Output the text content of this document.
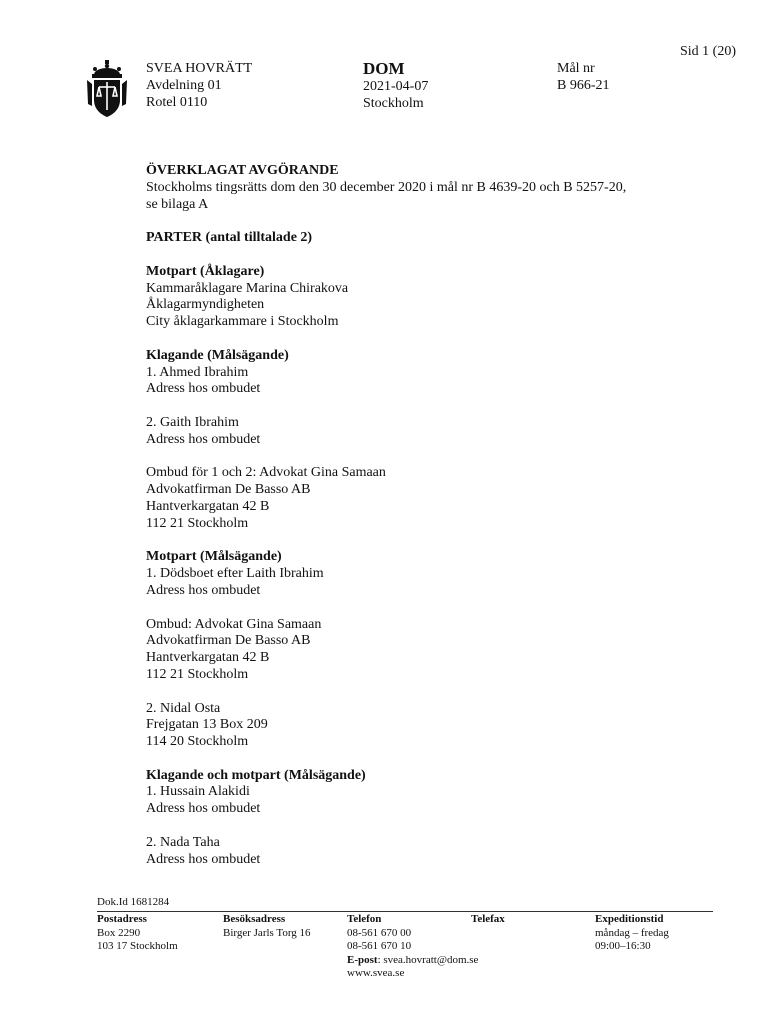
Sid 1 (20)
SVEA HOVRÄTT
Avdelning 01
Rotel 0110
DOM
2021-04-07
Stockholm
Mål nr
B 966-21

ÖVERKLAGAT AVGÖRANDE

Stockholms tingsrätts dom den 30 december 2020 i mål nr B 4639-20 och B 5257-20,

se bilaga A

PARTER (antal tilltalade 2)

Motpart (Åklagare)

Kammaråklagare Marina Chirakova

Åklagarmyndigheten

City åklagarkammare i Stockholm

Klagande (Målsägande)

1. Ahmed Ibrahim

Adress hos ombudet

2. Gaith Ibrahim

Adress hos ombudet

Ombud för 1 och 2: Advokat Gina Samaan

Advokatfirman De Basso AB

Hantverkargatan 42 B

112 21 Stockholm

Motpart (Målsägande)

1. Dödsboet efter Laith Ibrahim

Adress hos ombudet

Ombud: Advokat Gina Samaan

Advokatfirman De Basso AB

Hantverkargatan 42 B

112 21 Stockholm

2. Nidal Osta

Frejgatan 13 Box 209

114 20 Stockholm

Klagande och motpart (Målsägande)

1. Hussain Alakidi

Adress hos ombudet

2. Nada Taha

Adress hos ombudet

Dok.Id 1681284
Postadress
Box 2290
103 17 Stockholm
Besöksadress
Birger Jarls Torg 16
Telefon
08-561 670 00
08-561 670 10
E-post: svea.hovratt@dom.se
www.svea.se
Telefax	Expeditionstid
måndag – fredag
09:00–16:30
